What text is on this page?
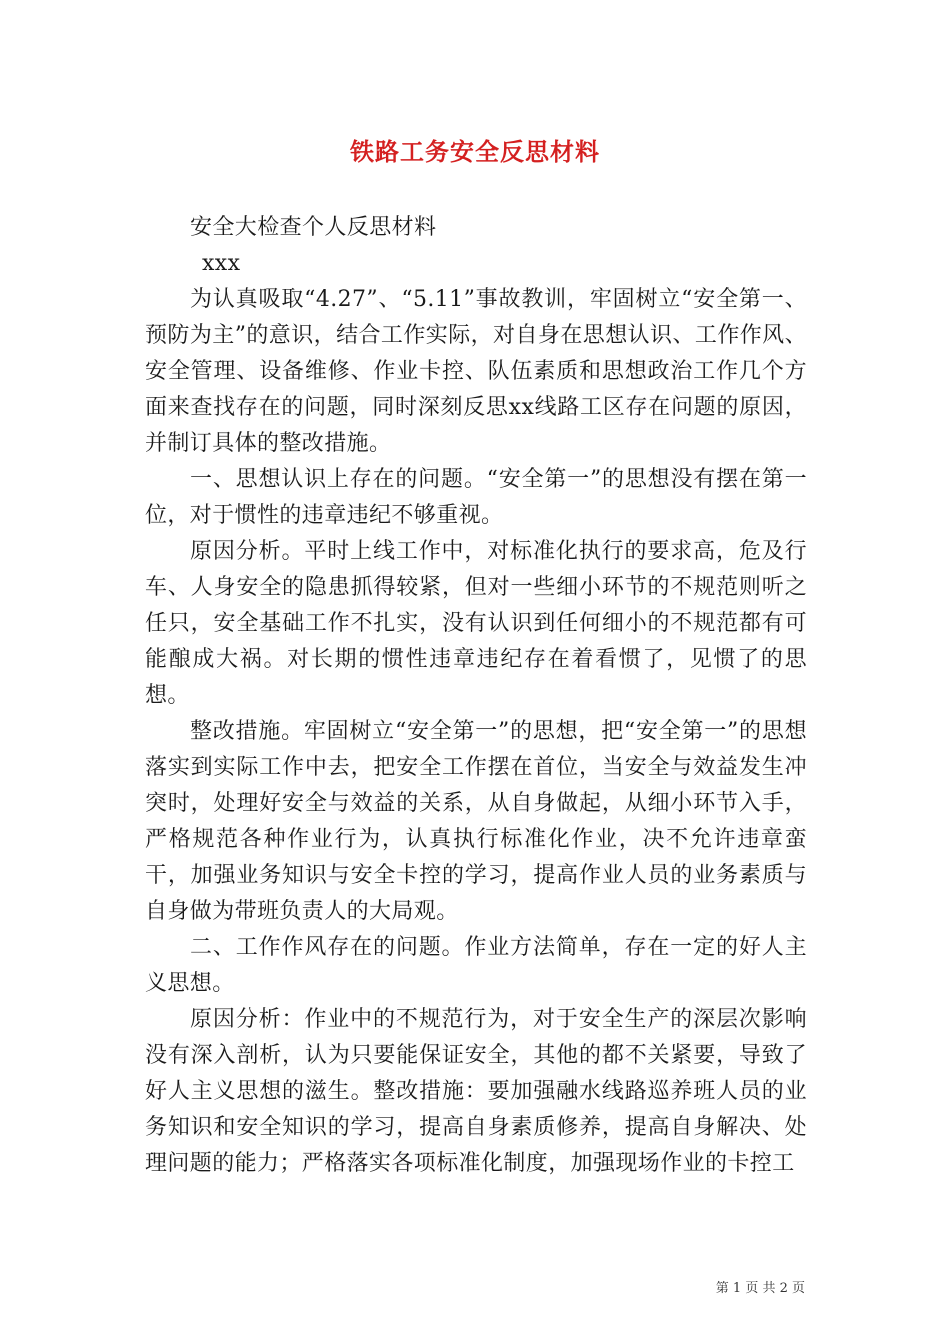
铁路工务安全反思材料

安全大检查个人反思材料

xxx

为认真吸取“4.27”、“5.11”事故教训，牢固树立“安全第一、预防为主”的意识，结合工作实际，对自身在思想认识、工作作风、安全管理、设备维修、作业卡控、队伍素质和思想政治工作几个方面来查找存在的问题，同时深刻反思xx线路工区存在问题的原因，并制订具体的整改措施。

一、思想认识上存在的问题。“安全第一”的思想没有摆在第一位，对于惯性的违章违纪不够重视。

原因分析。平时上线工作中，对标准化执行的要求高，危及行车、人身安全的隐患抓得较紧，但对一些细小环节的不规范则听之任只，安全基础工作不扎实，没有认识到任何细小的不规范都有可能酿成大祸。对长期的惯性违章违纪存在着看惯了，见惯了的思想。

整改措施。牢固树立“安全第一”的思想，把“安全第一”的思想落实到实际工作中去，把安全工作摆在首位，当安全与效益发生冲突时，处理好安全与效益的关系，从自身做起，从细小环节入手，严格规范各种作业行为，认真执行标准化作业，决不允许违章蛮干，加强业务知识与安全卡控的学习，提高作业人员的业务素质与自身做为带班负责人的大局观。

二、工作作风存在的问题。作业方法简单，存在一定的好人主义思想。

原因分析：作业中的不规范行为，对于安全生产的深层次影响没有深入剖析，认为只要能保证安全，其他的都不关紧要，导致了好人主义思想的滋生。整改措施：要加强融水线路巡养班人员的业务知识和安全知识的学习，提高自身素质修养，提高自身解决、处理问题的能力；严格落实各项标准化制度，加强现场作业的卡控工

第 1 页 共 2 页
